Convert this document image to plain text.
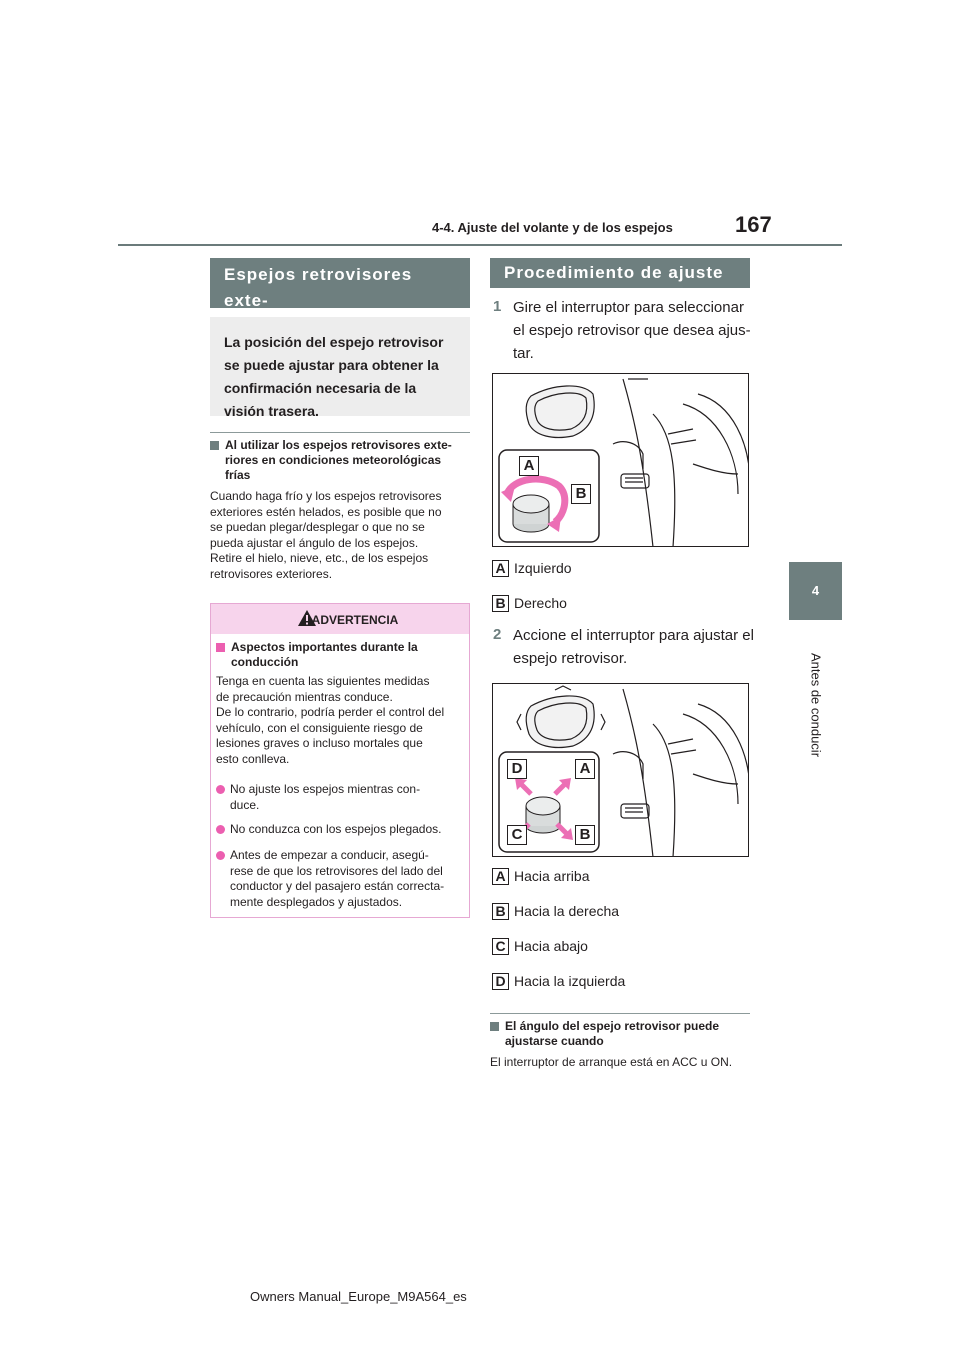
4-4. Ajuste del volante y de los espejos	167
4
Antes de conducir
Espejos retrovisores exte-
La posición del espejo retrovisor
se puede ajustar para obtener la
confirmación necesaria de la
visión trasera.
Al utilizar los espejos retrovisores exte-
riores en condiciones meteorológicas
frías
Cuando haga frío y los espejos retrovisores
exteriores estén helados, es posible que no
se puedan plegar/desplegar o que no se
pueda ajustar el ángulo de los espejos.
Retire el hielo, nieve, etc., de los espejos
retrovisores exteriores.
ADVERTENCIA
Aspectos importantes durante la
conducción
Tenga en cuenta las siguientes medidas
de precaución mientras conduce.
De lo contrario, podría perder el control del
vehículo, con el consiguiente riesgo de
lesiones graves o incluso mortales que
esto conlleva.
No ajuste los espejos mientras con-
duce.
No conduzca con los espejos plegados.
Antes de empezar a conducir, asegú-
rese de que los retrovisores del lado del
conductor y del pasajero están correcta-
mente desplegados y ajustados.
Procedimiento de ajuste
1 Gire el interruptor para seleccionar
el espejo retrovisor que desea ajus-
tar.
A
B
A Izquierdo
B Derecho
2 Accione el interruptor para ajustar el
espejo retrovisor.
D	A
C	B
A Hacia arriba
B Hacia la derecha
C Hacia abajo
D Hacia la izquierda
El ángulo del espejo retrovisor puede
ajustarse cuando
El interruptor de arranque está en ACC u ON.
Owners Manual_Europe_M9A564_es
